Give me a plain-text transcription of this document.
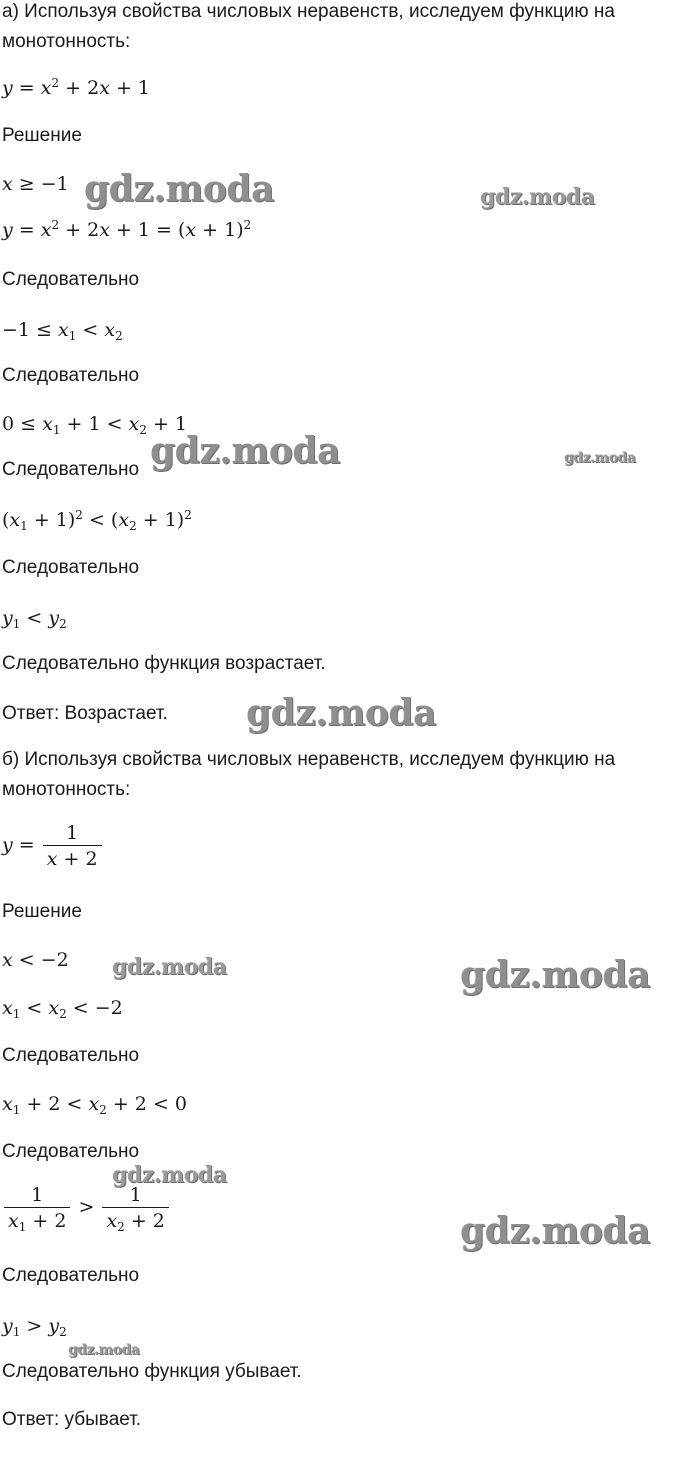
а) Используя свойства числовых неравенств, исследуем функцию на
монотонность:
$y = x^2 + 2x + 1$
Решение
x ≥ −1
$y = x^2 + 2x + 1 = (x + 1)^2$
Следовательно
$-1 \le x_1 < x_2$
Следовательно
$0 \le x_1 + 1 < x_2 + 1$
Следовательно
$(x_1 + 1)^2 < (x_2 + 1)^2$
Следовательно
$y_1 < y_2$
Следовательно функция возрастает.
Ответ: Возрастает.
б) Используя свойства числовых неравенств, исследуем функцию на
монотонность:
$y = \frac{1}{x + 2}$
Решение
x < −2
$x_1 < x_2 < -2$
Следовательно
$x_1 + 2 < x_2 + 2 < 0$
Следовательно
$\frac{1}{x_1 + 2} > \frac{1}{x_2 + 2}$
Следовательно
$y_1 > y_2$
Следовательно функция убывает.
Ответ: убывает.
gdz.moda	gdz.moda
gdz.moda	gdz.moda
gdz.moda
gdz.moda	gdz.moda
gdz.moda
gdz.moda
gdz.moda
